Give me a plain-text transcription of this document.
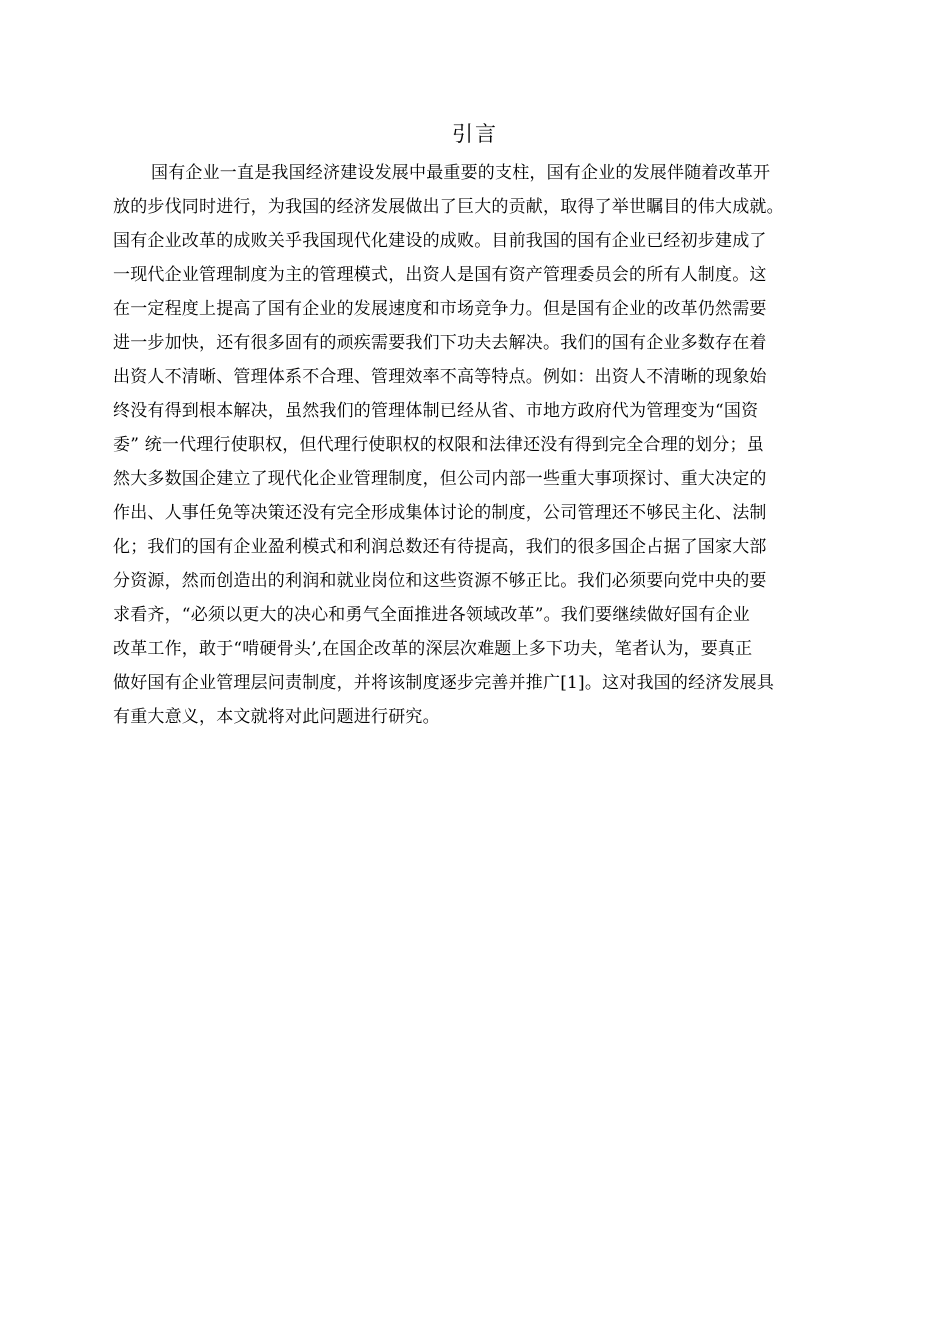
引言
国有企业一直是我国经济建设发展中最重要的支柱，国有企业的发展伴随着改革开
放的步伐同时进行，为我国的经济发展做出了巨大的贡献，取得了举世瞩目的伟大成就。
国有企业改革的成败关乎我国现代化建设的成败。目前我国的国有企业已经初步建成了
一现代企业管理制度为主的管理模式，出资人是国有资产管理委员会的所有人制度。这
在一定程度上提高了国有企业的发展速度和市场竞争力。但是国有企业的改革仍然需要
进一步加快，还有很多固有的顽疾需要我们下功夫去解决。我们的国有企业多数存在着
出资人不清晰、管理体系不合理、管理效率不高等特点。例如：出资人不清晰的现象始
终没有得到根本解决，虽然我们的管理体制已经从省、市地方政府代为管理变为“国资
委” 统一代理行使职权，但代理行使职权的权限和法律还没有得到完全合理的划分；虽
然大多数国企建立了现代化企业管理制度，但公司内部一些重大事项探讨、重大决定的
作出、人事任免等决策还没有完全形成集体讨论的制度，公司管理还不够民主化、法制
化；我们的国有企业盈利模式和利润总数还有待提高，我们的很多国企占据了国家大部
分资源，然而创造出的利润和就业岗位和这些资源不够正比。我们必须要向党中央的要
求看齐，“必须以更大的决心和勇气全面推进各领域改革”。我们要继续做好国有企业
改革工作，敢于“啃硬骨头’,在国企改革的深层次难题上多下功夫，笔者认为，要真正
做好国有企业管理层问责制度，并将该制度逐步完善并推广[1]。这对我国的经济发展具
有重大意义，本文就将对此问题进行研究。
